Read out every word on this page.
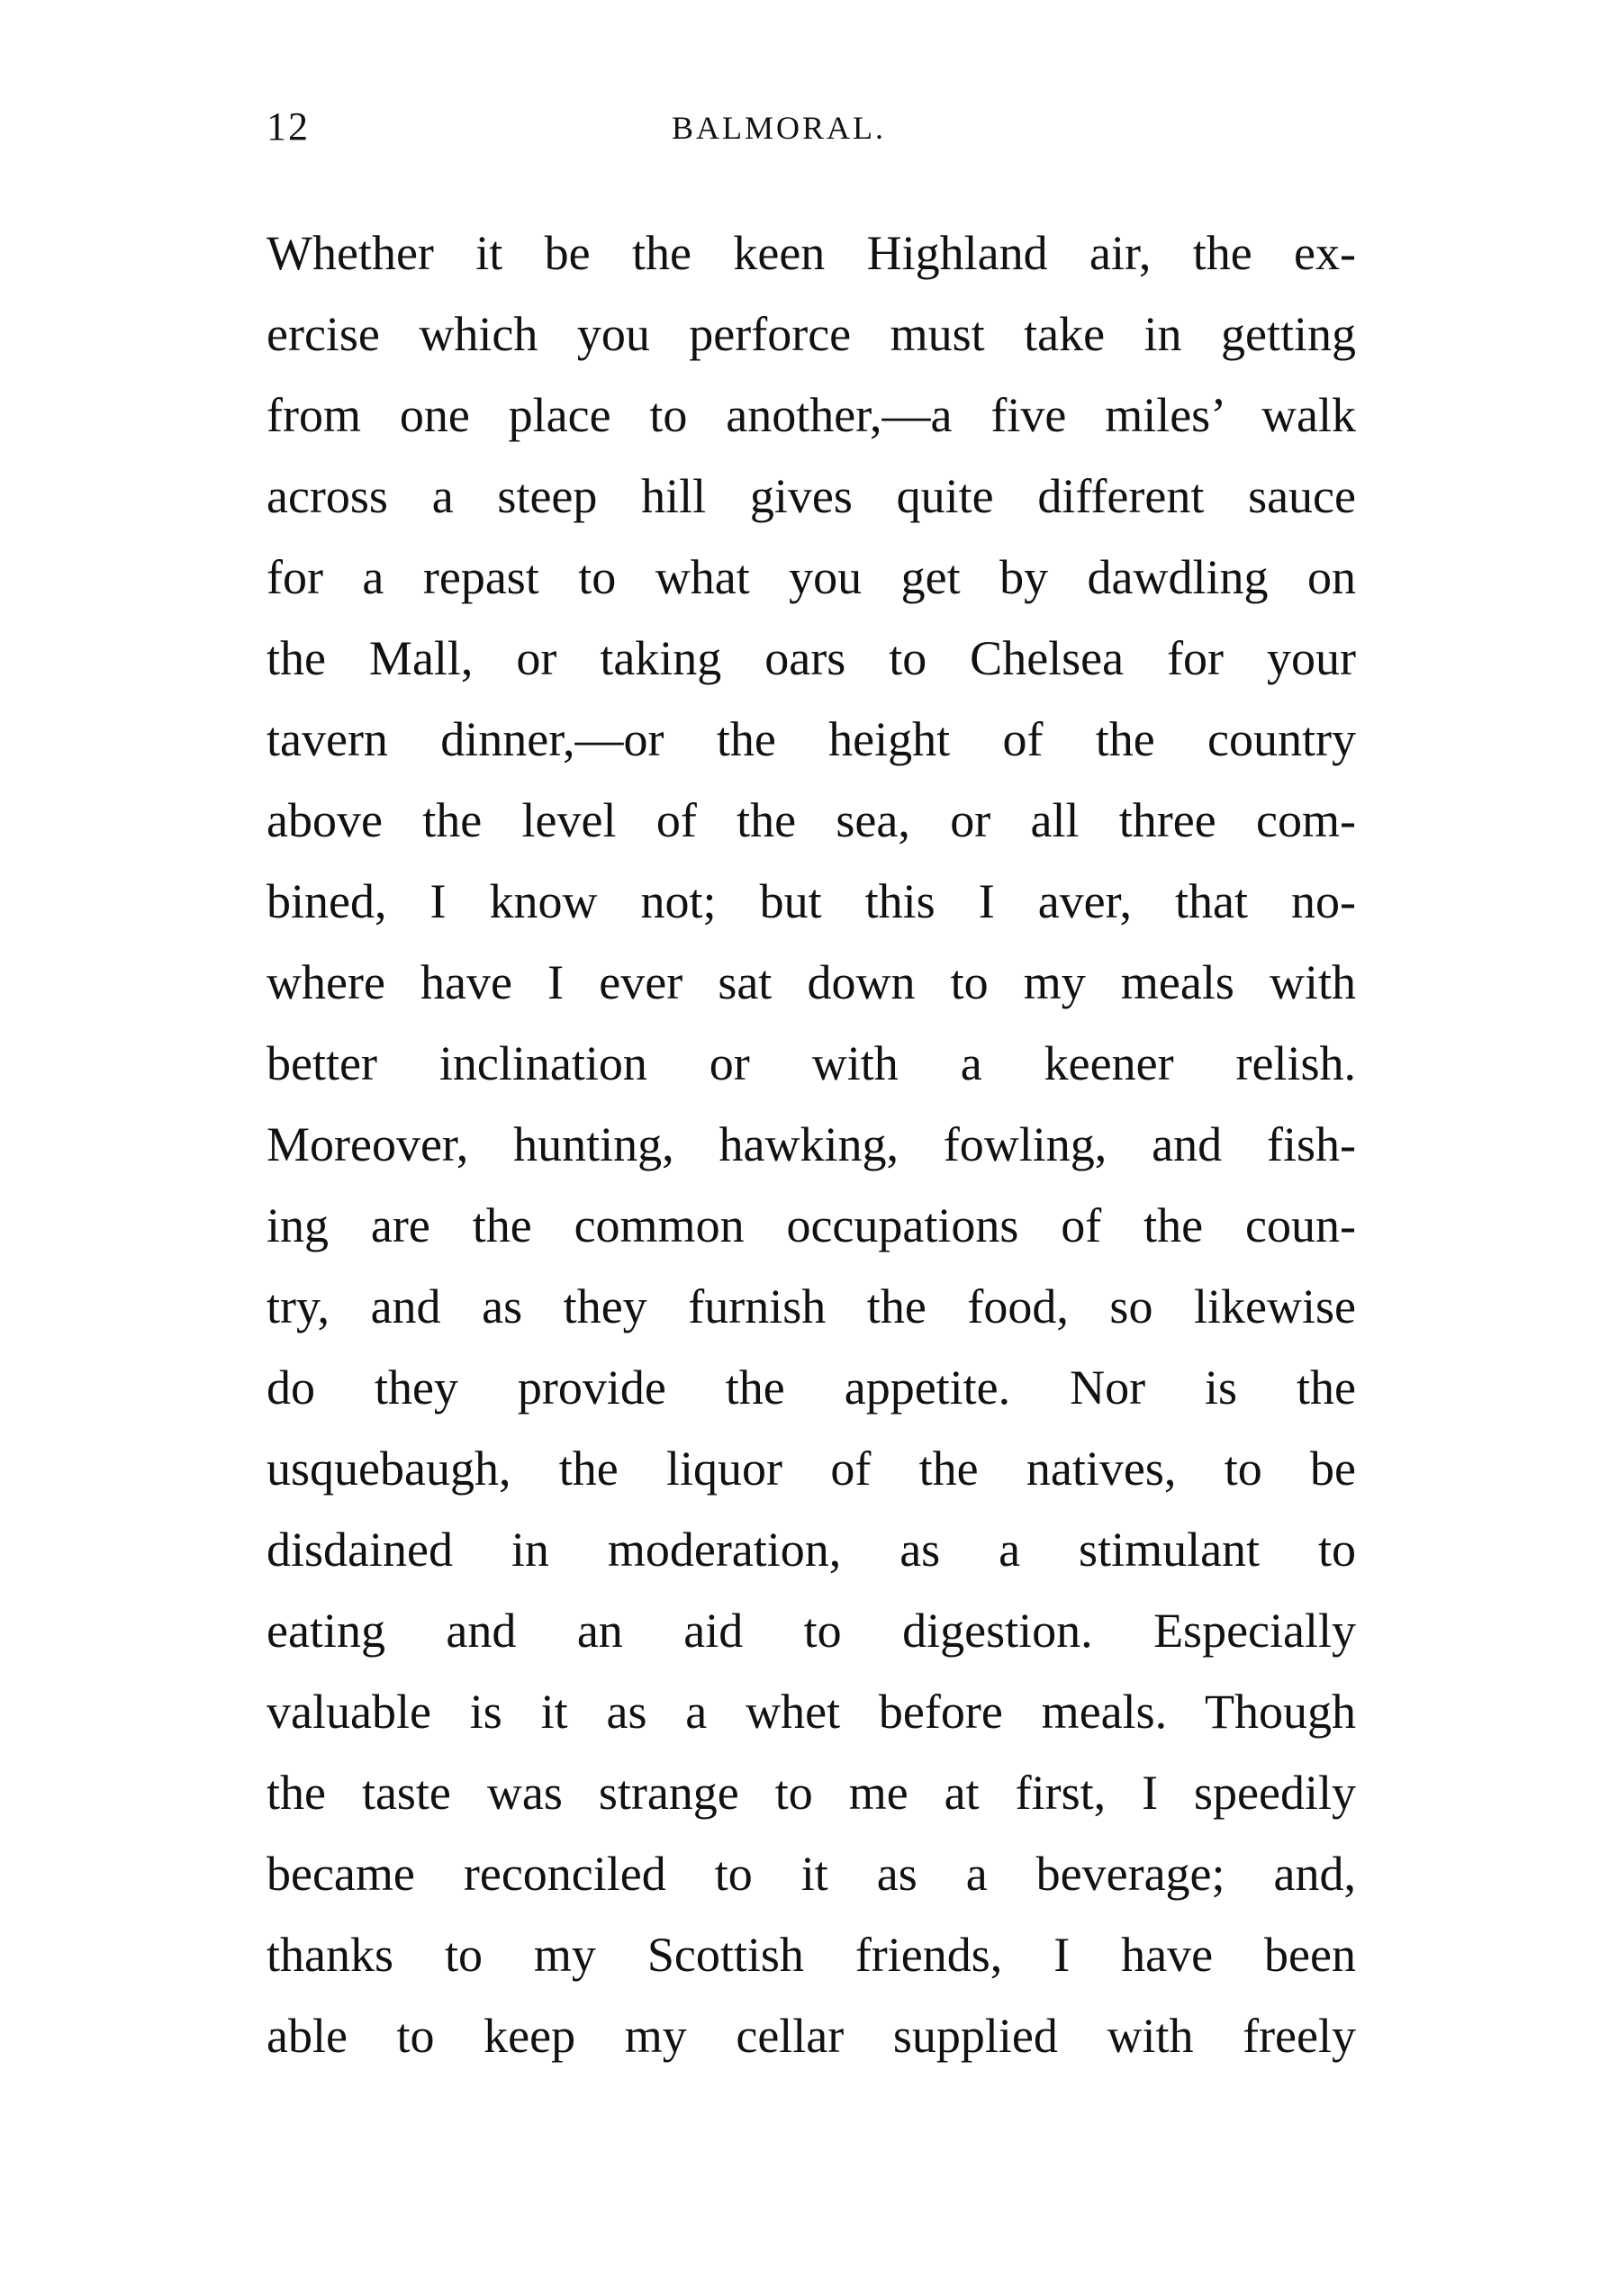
12	BALMORAL.
Whether it be the keen Highland air, the ex-
ercise which you perforce must take in getting
from one place to another,—a five miles’ walk
across a steep hill gives quite different sauce
for a repast to what you get by dawdling on
the Mall, or taking oars to Chelsea for your
tavern dinner,—or the height of the country
above the level of the sea, or all three com-
bined, I know not; but this I aver, that no-
where have I ever sat down to my meals with
better inclination or with a keener relish.
Moreover, hunting, hawking, fowling, and fish-
ing are the common occupations of the coun-
try, and as they furnish the food, so likewise
do they provide the appetite. Nor is the
usquebaugh, the liquor of the natives, to be
disdained in moderation, as a stimulant to
eating and an aid to digestion. Especially
valuable is it as a whet before meals. Though
the taste was strange to me at first, I speedily
became reconciled to it as a beverage; and,
thanks to my Scottish friends, I have been
able to keep my cellar supplied with freely
